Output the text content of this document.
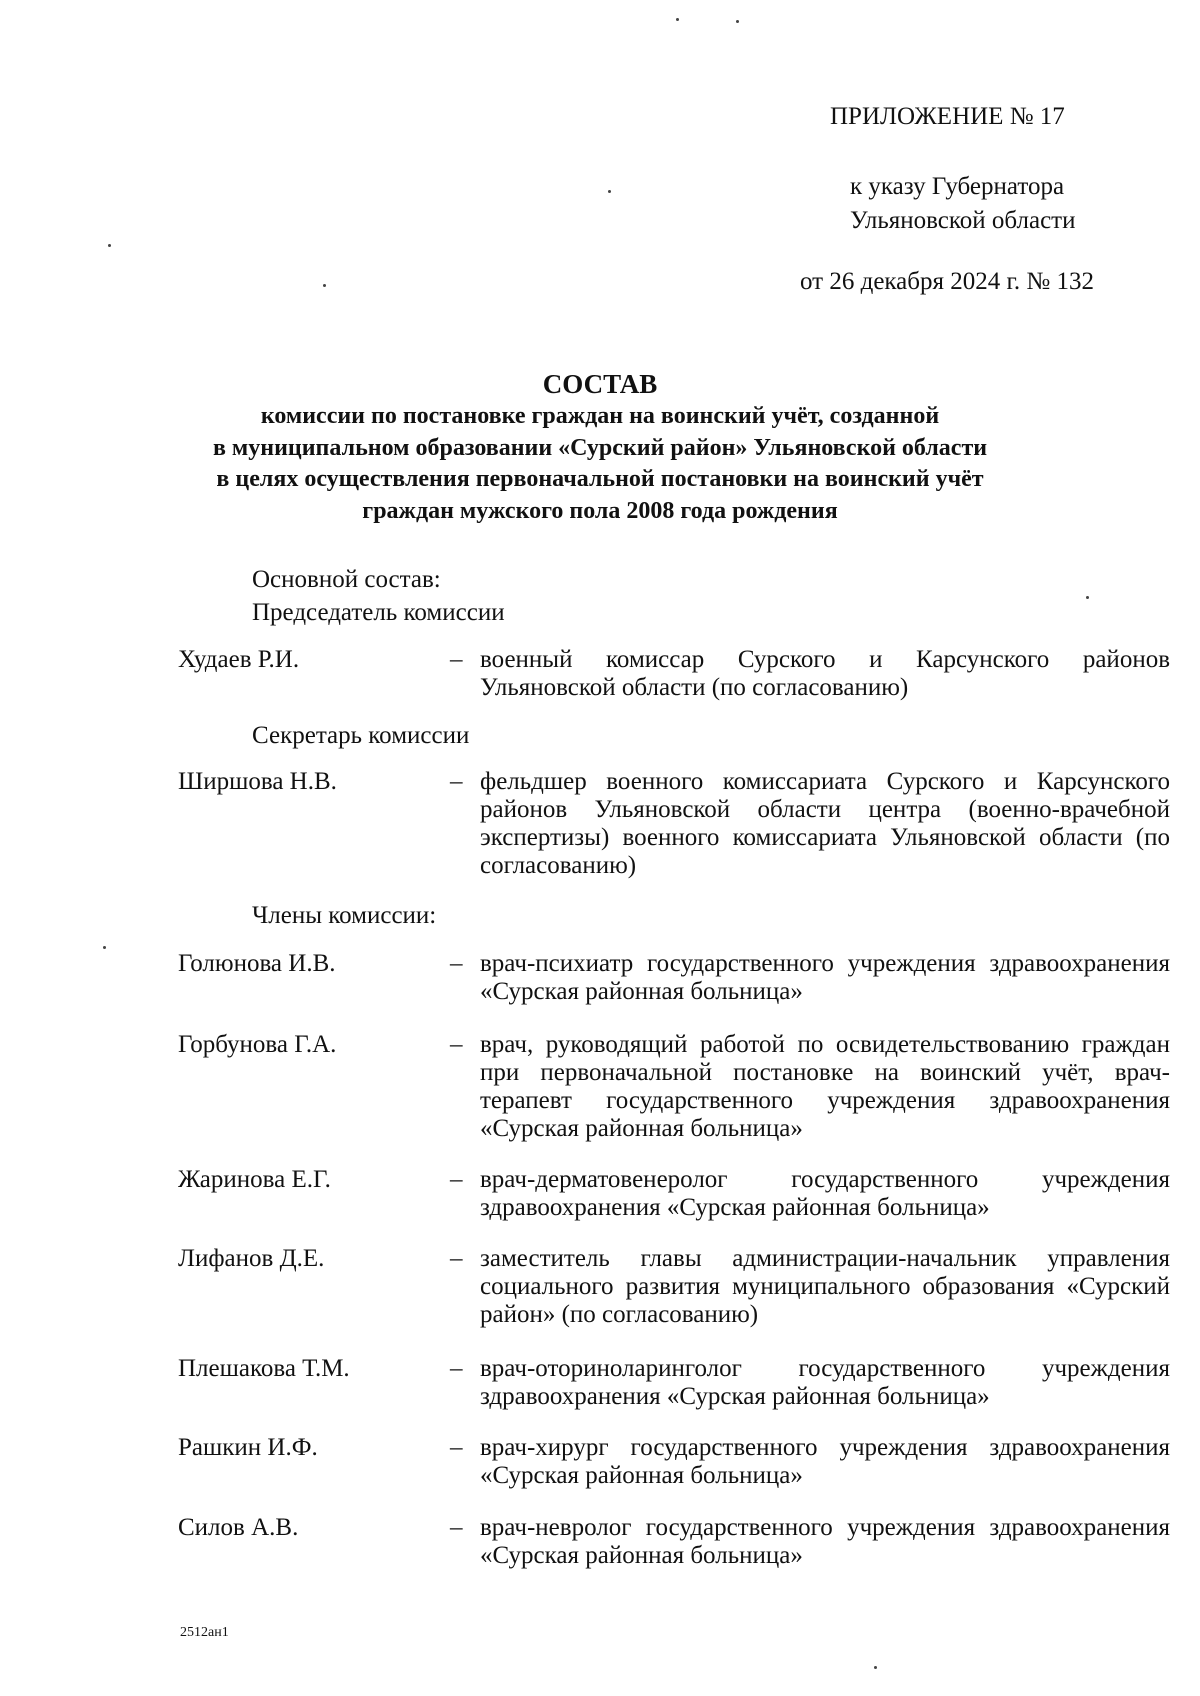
ПРИЛОЖЕНИЕ № 17
к указу Губернатора
Ульяновской области
от 26 декабря 2024 г. № 132
СОСТАВ
комиссии по постановке граждан на воинский учёт, созданной
в муниципальном образовании «Сурский район» Ульяновской области
в целях осуществления первоначальной постановки на воинский учёт
граждан мужского пола 2008 года рождения
Основной состав:
Председатель комиссии
Худаев Р.И.	– военный комиссар Сурского и Карсунского районов Ульяновской области (по согласованию)
Секретарь комиссии
Ширшова Н.В.	– фельдшер военного комиссариата Сурского и Карсунского районов Ульяновской области центра (военно-врачебной экспертизы) военного комиссариата Ульяновской области (по согласованию)
Члены комиссии:
Голюнова И.В.	– врач-психиатр государственного учреждения здравоохранения «Сурская районная больница»
Горбунова Г.А.	– врач, руководящий работой по освидетельствованию граждан при первоначальной постановке на воинский учёт, врач-терапевт государственного учреждения здравоохранения «Сурская районная больница»
Жаринова Е.Г.	– врач-дерматовенеролог государственного учреждения здравоохранения «Сурская районная больница»
Лифанов Д.Е.	– заместитель главы администрации-начальник управления социального развития муниципального образования «Сурский район» (по согласованию)
Плешакова Т.М.	– врач-оториноларинголог государственного учреждения здравоохранения «Сурская районная больница»
Рашкин И.Ф.	– врач-хирург государственного учреждения здравоохранения «Сурская районная больница»
Силов А.В.	– врач-невролог государственного учреждения здравоохранения «Сурская районная больница»
2512ан1
